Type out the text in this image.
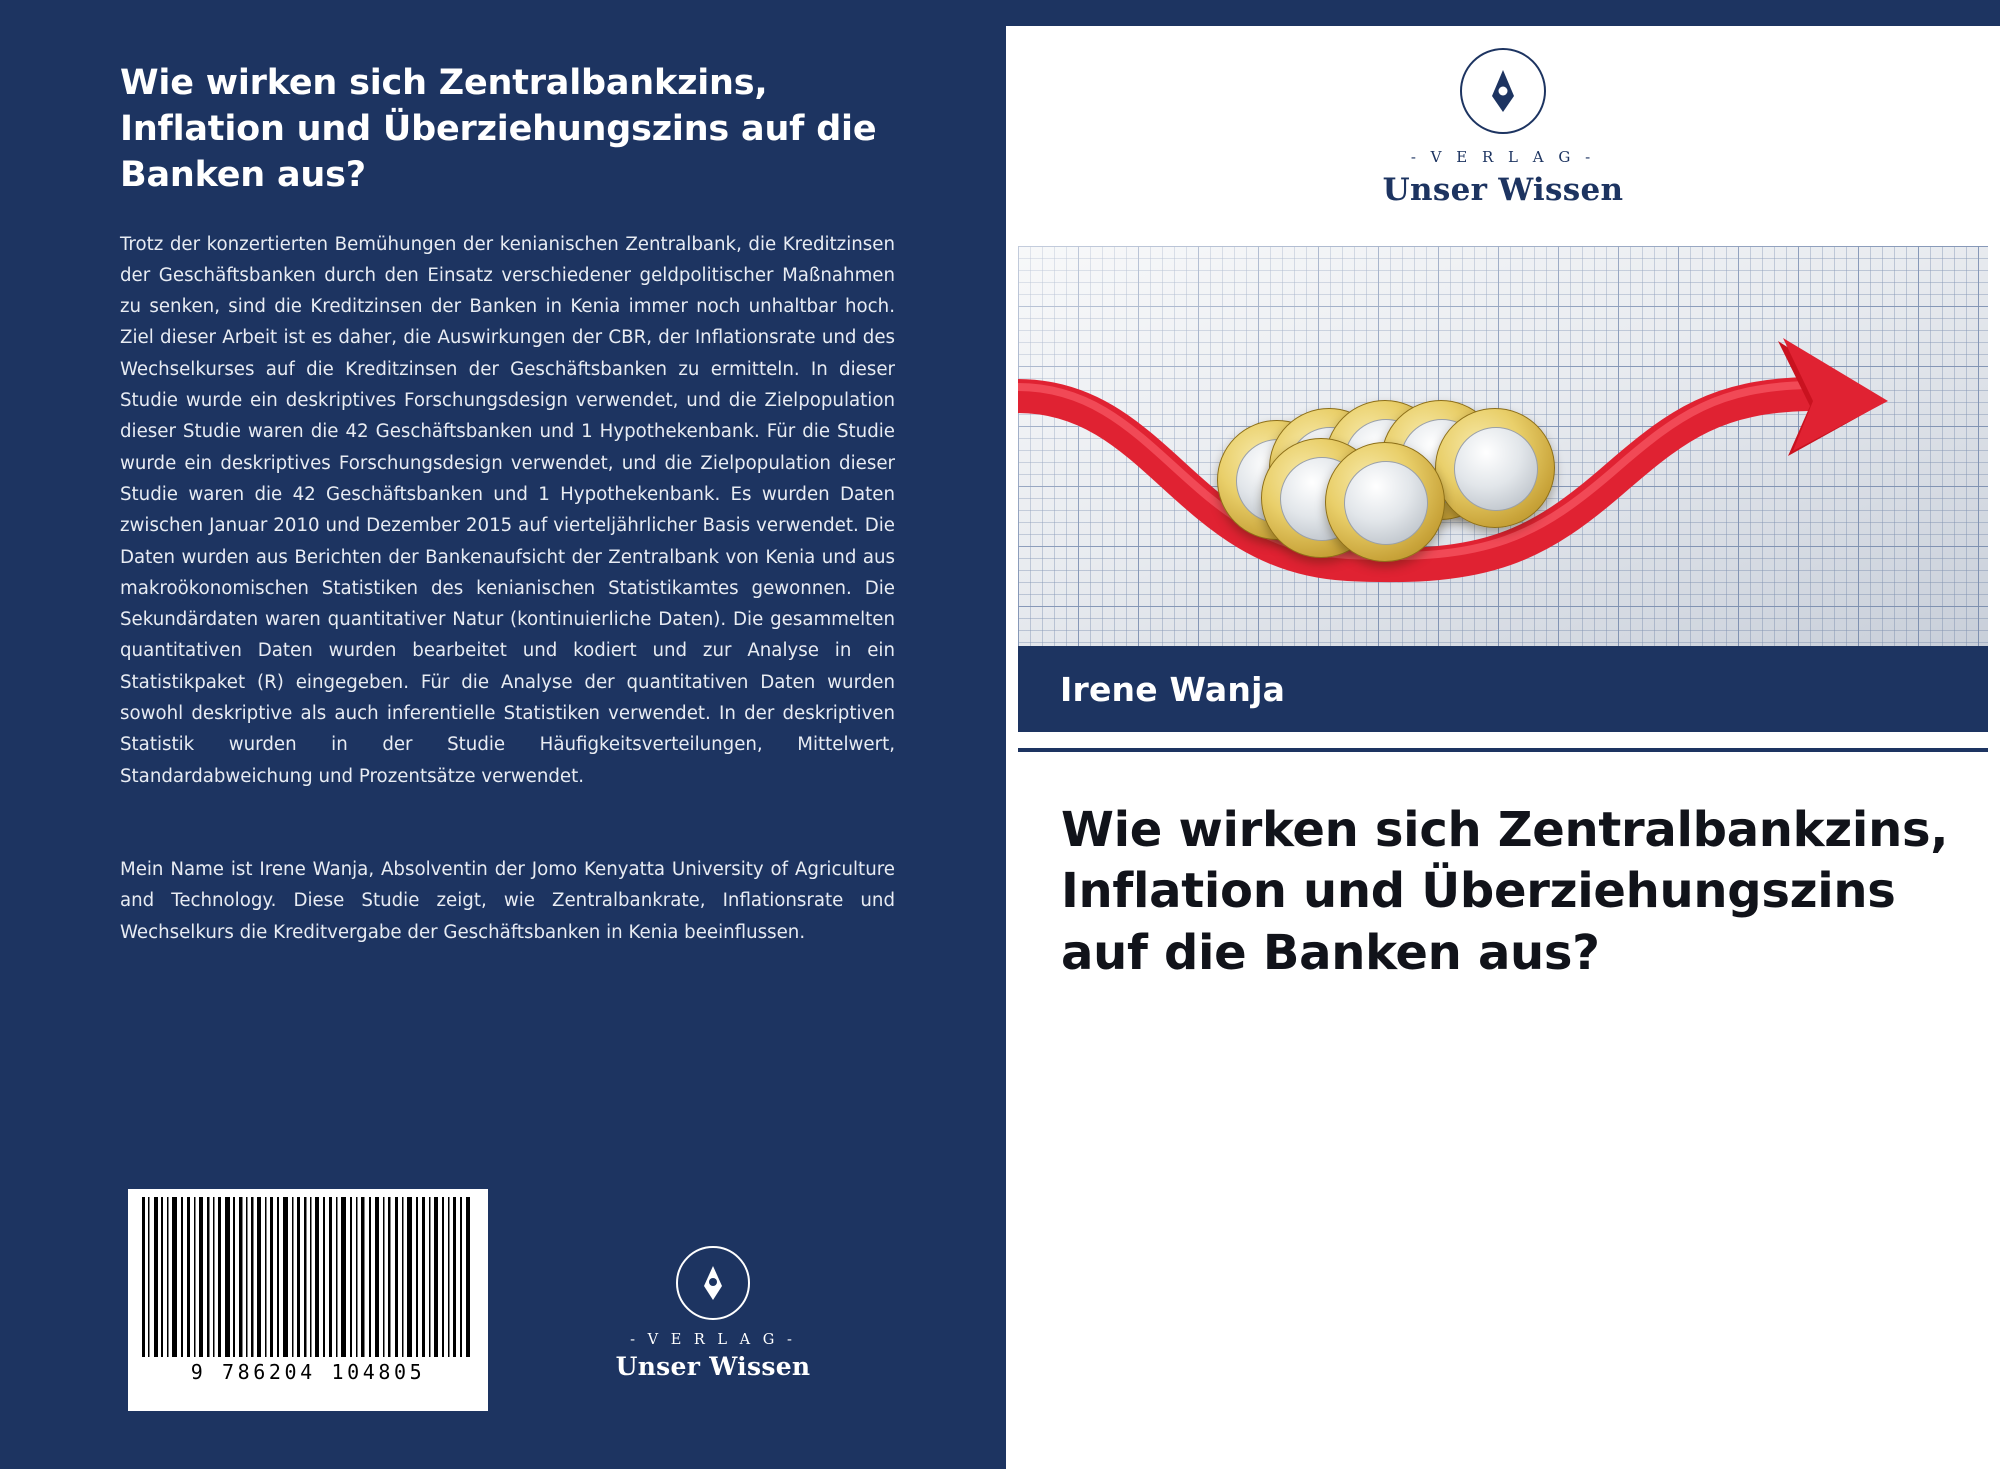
Wie wirken sich Zentralbankzins, Inflation und Überziehungszins auf die Banken aus?
Trotz der konzertierten Bemühungen der kenianischen Zentralbank, die Kreditzinsen der Geschäftsbanken durch den Einsatz verschiedener geldpolitischer Maßnahmen zu senken, sind die Kreditzinsen der Banken in Kenia immer noch unhaltbar hoch. Ziel dieser Arbeit ist es daher, die Auswirkungen der CBR, der Inflationsrate und des Wechselkurses auf die Kreditzinsen der Geschäftsbanken zu ermitteln. In dieser Studie wurde ein deskriptives Forschungsdesign verwendet, und die Zielpopulation dieser Studie waren die 42 Geschäftsbanken und 1 Hypothekenbank. Für die Studie wurde ein deskriptives Forschungsdesign verwendet, und die Zielpopulation dieser Studie waren die 42 Geschäftsbanken und 1 Hypothekenbank. Es wurden Daten zwischen Januar 2010 und Dezember 2015 auf vierteljährlicher Basis verwendet. Die Daten wurden aus Berichten der Bankenaufsicht der Zentralbank von Kenia und aus makroökonomischen Statistiken des kenianischen Statistikamtes gewonnen. Die Sekundärdaten waren quantitativer Natur (kontinuierliche Daten). Die gesammelten quantitativen Daten wurden bearbeitet und kodiert und zur Analyse in ein Statistikpaket (R) eingegeben. Für die Analyse der quantitativen Daten wurden sowohl deskriptive als auch inferentielle Statistiken verwendet. In der deskriptiven Statistik wurden in der Studie Häufigkeitsverteilungen, Mittelwert, Standardabweichung und Prozentsätze verwendet.
Mein Name ist Irene Wanja, Absolventin der Jomo Kenyatta University of Agriculture and Technology. Diese Studie zeigt, wie Zentralbankrate, Inflationsrate und Wechselkurs die Kreditvergabe der Geschäftsbanken in Kenia beeinflussen.
9 786204 104805
- V E R L A G -
Unser Wissen
- V E R L A G -
Unser Wissen
Irene Wanja
Wie wirken sich Zentralbankzins, Inflation und Überziehungszins auf die Banken aus?
